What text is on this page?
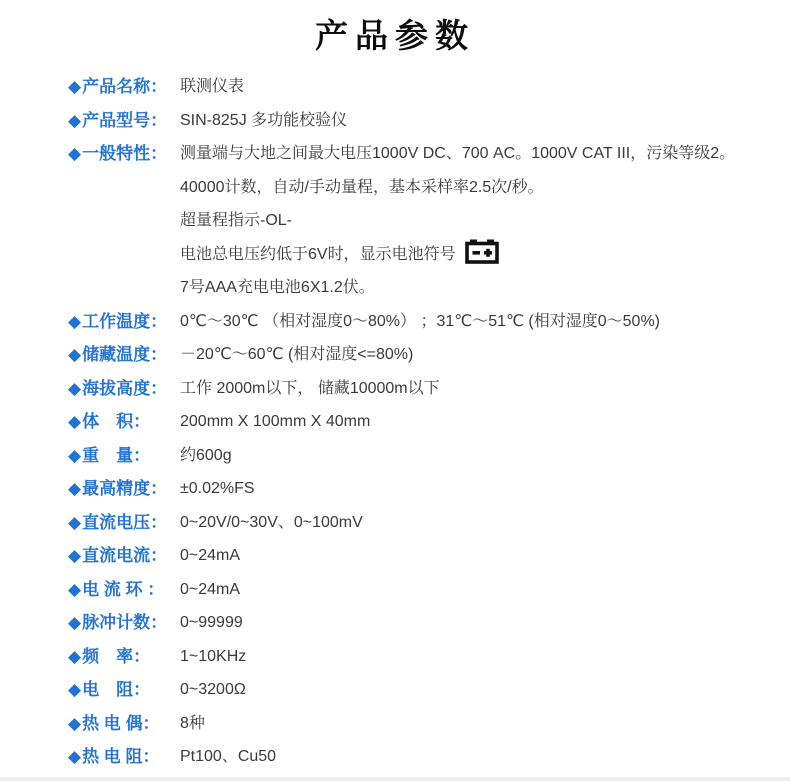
产品参数
◆ 产品名称： 联测仪表
◆ 产品型号： SIN-825J 多功能校验仪
◆ 一般特性： 测量端与大地之间最大电压1000V DC、700 AC。1000V CAT III，污染等级2。
40000计数，自动/手动量程，基本采样率2.5次/秒。
超量程指示-OL-
电池总电压约低于6V时，显示电池符号
7号AAA充电电池6X1.2伏。
◆ 工作温度： 0℃～30℃ （相对湿度0～80%） ；31℃～51℃ (相对湿度0～50%)
◆ 储藏温度： －20℃～60℃ (相对湿度<=80%)
◆ 海拔高度： 工作 2000m以下， 储藏10000m以下
◆ 体　积： 200mm X 100mm X 40mm
◆ 重　量： 约600g
◆ 最高精度： ±0.02%FS
◆ 直流电压： 0~20V/0~30V、0~100mV
◆ 直流电流： 0~24mA
◆ 电 流 环 ： 0~24mA
◆ 脉冲计数： 0~99999
◆ 频　率： 1~10KHz
◆ 电　阻： 0~3200Ω
◆ 热 电 偶： 8种
◆ 热 电 阻： Pt100、Cu50
